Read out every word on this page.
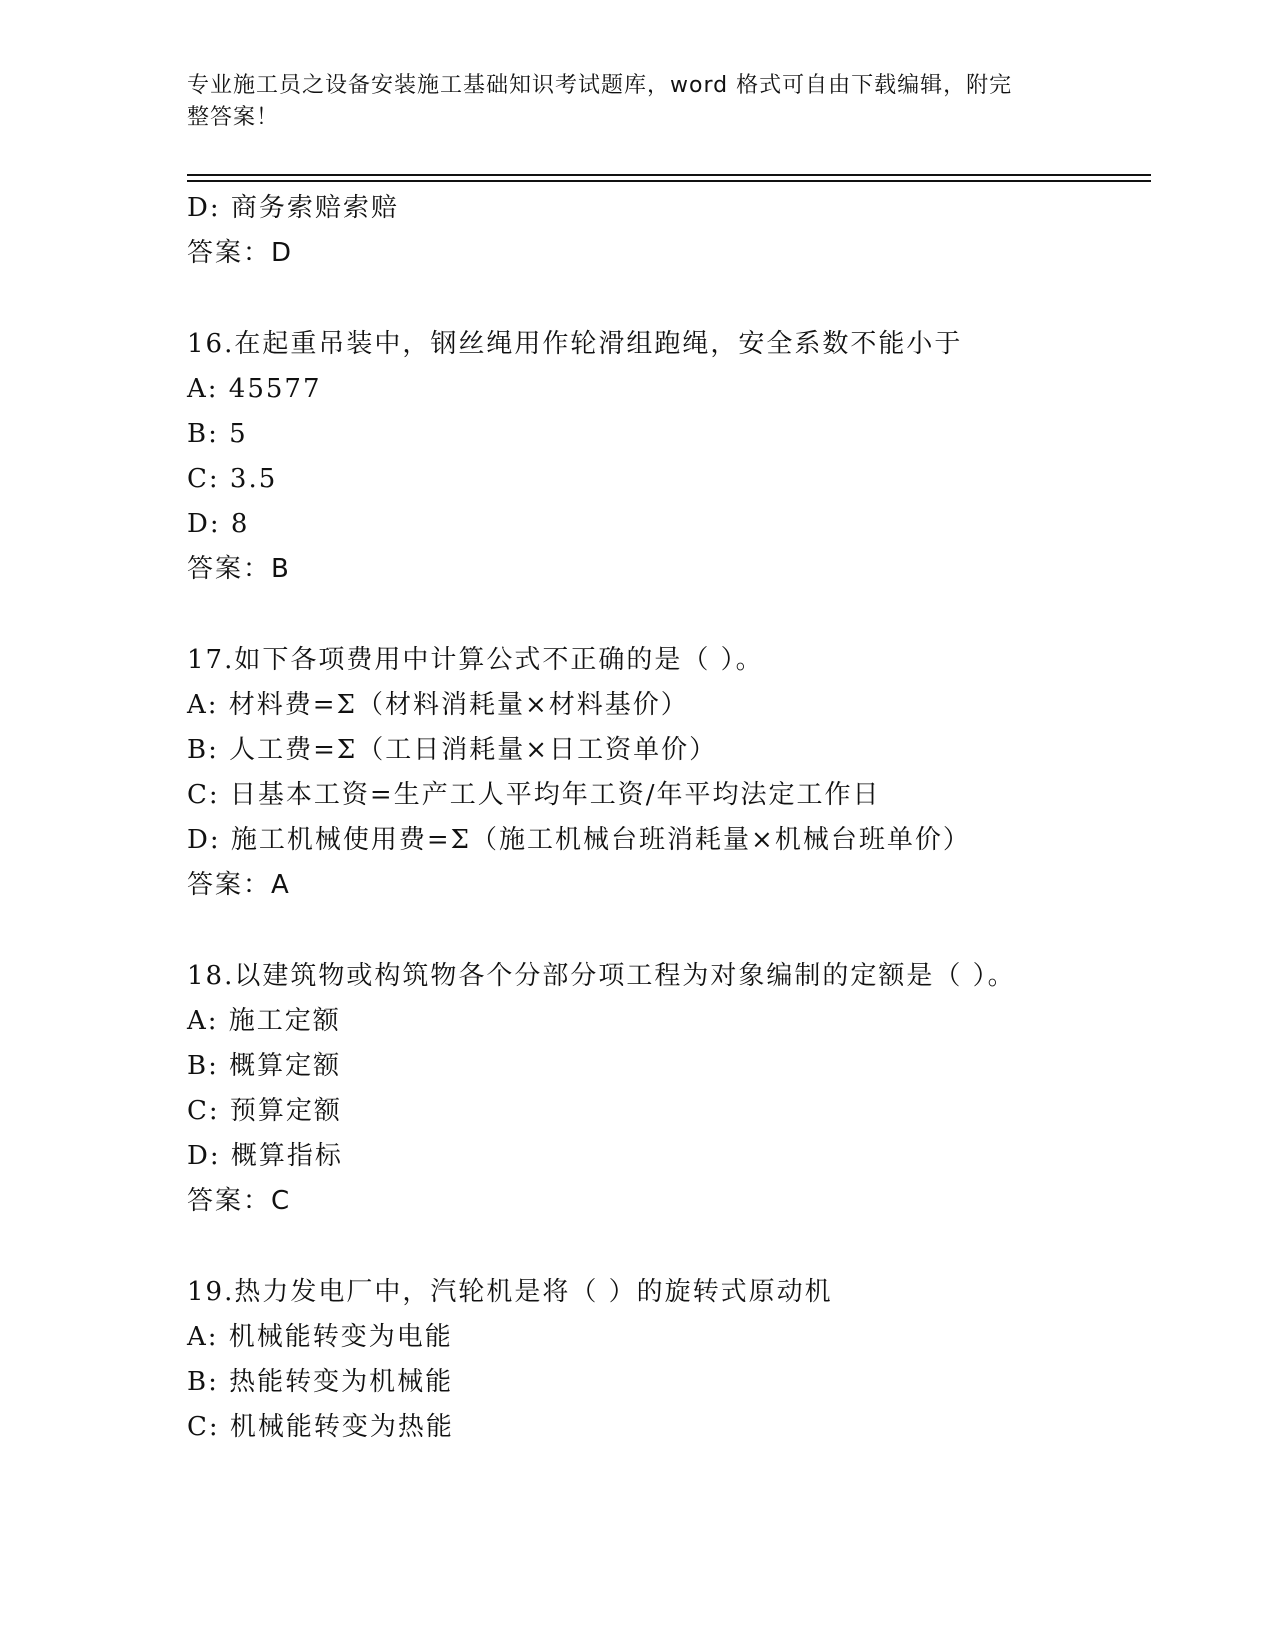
专业施工员之设备安装施工基础知识考试题库，word 格式可自由下载编辑，附完
整答案！
D: 商务索赔索赔
答案：D
16.在起重吊装中，钢丝绳用作轮滑组跑绳，安全系数不能小于
A: 45577
B: 5
C: 3.5
D: 8
答案：B
17.如下各项费用中计算公式不正确的是（ ）。
A: 材料费=Σ（材料消耗量×材料基价）
B: 人工费=Σ（工日消耗量×日工资单价）
C: 日基本工资=生产工人平均年工资/年平均法定工作日
D: 施工机械使用费=Σ（施工机械台班消耗量×机械台班单价）
答案：A
18.以建筑物或构筑物各个分部分项工程为对象编制的定额是（ ）。
A: 施工定额
B: 概算定额
C: 预算定额
D: 概算指标
答案：C
19.热力发电厂中，汽轮机是将（ ）的旋转式原动机
A: 机械能转变为电能
B: 热能转变为机械能
C: 机械能转变为热能
